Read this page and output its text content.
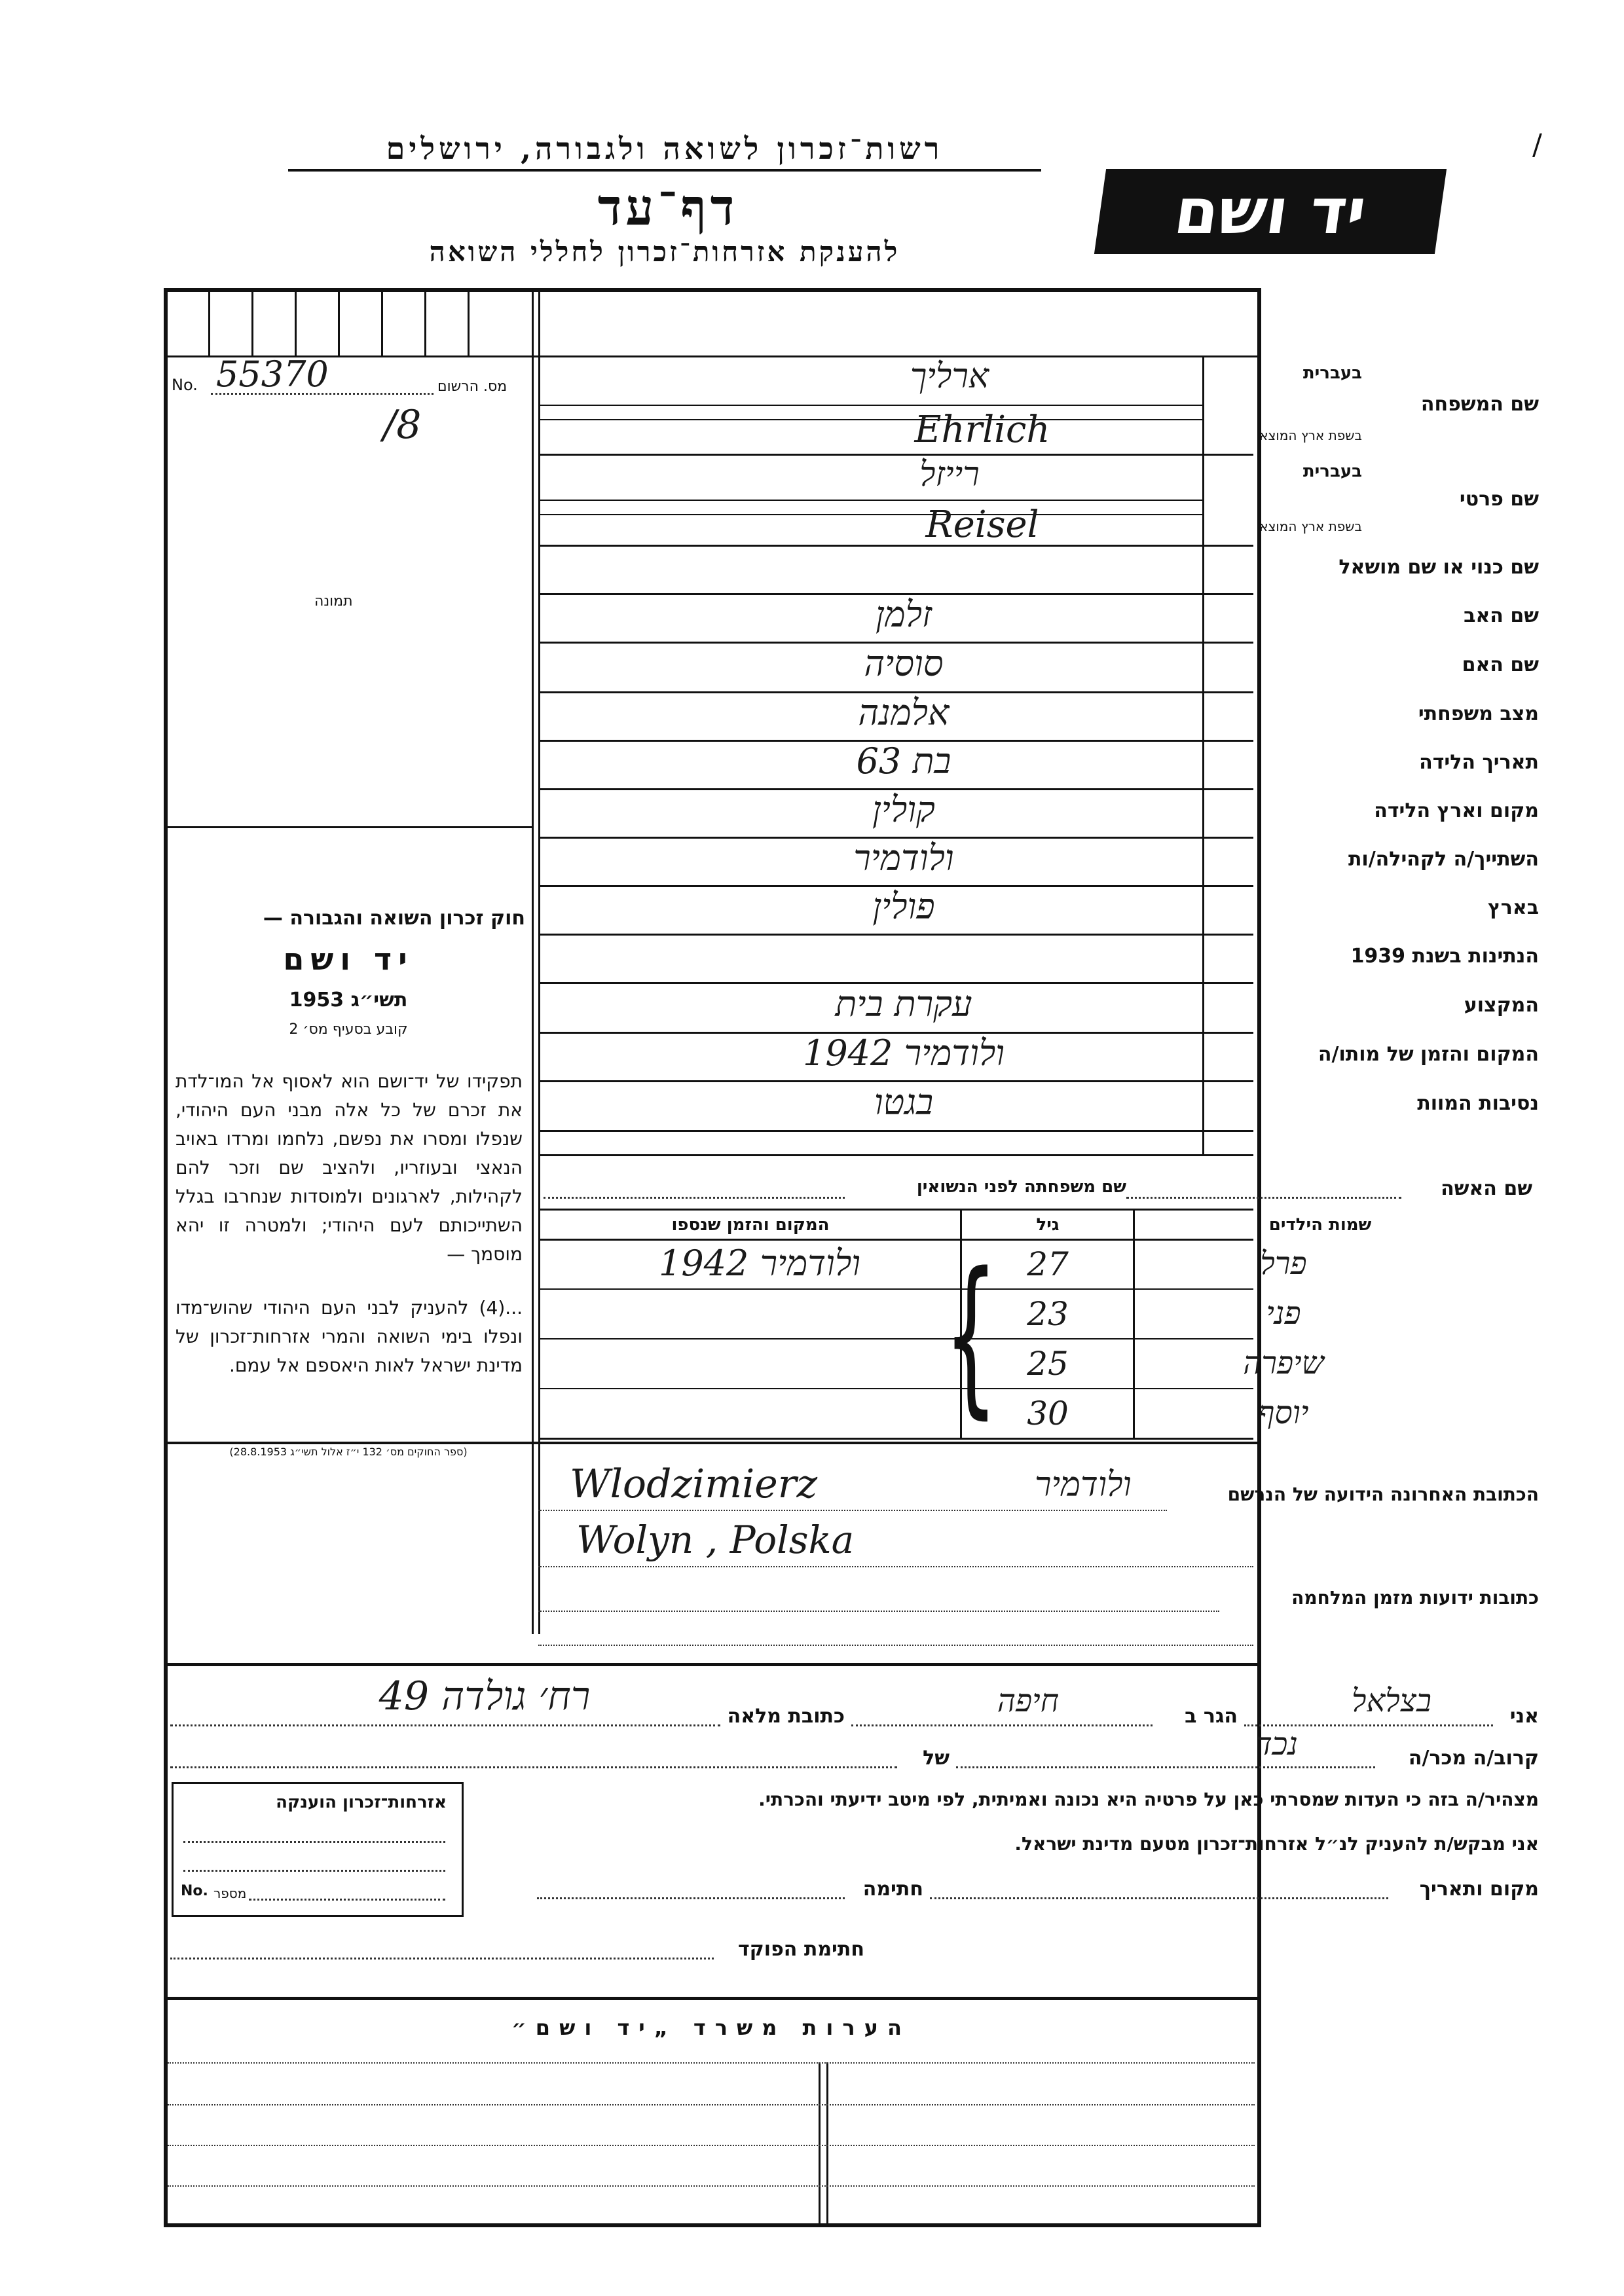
רשות־זכרון לשואה ולגבורה, ירושלים
דף־עד
להענקת אזרחות־זכרון לחללי השואה
יד ושם
/
No. 55370	מס. הרשום
/8
תמונה
חוק זכרון השואה והגבורה —
יד ושם
תשי״ג 1953
קובע בסעיף מס׳ 2
תפקידו של יד־ושם הוא לאסוף אל המו־לדת את זכרם של כל אלה מבני העם היהודי, שנפלו ומסרו את נפשם, נלחמו ומרדו באויב הנאצי ובעוזריו, ולהציב שם וזכר להם לקהילות, לארגונים ולמוסדות שנחרבו בגלל השתייכותם לעם היהודי; ולמטרה זו יהא מוסמך —
...(4) להעניק לבני העם היהודי שהוש־מדו ונפלו בימי השואה והמרי אזרחות־זכרון של מדינת ישראל לאות היאספם אל עמם.
(ספר החוקים מס׳ 132 י״ז אלול תשי״ג 28.8.1953)
שם המשפחה
בעברית
בשפת ארץ המוצא
ארליך
Ehrlich
שם פרטי
בעברית
בשפת ארץ המוצא
רייזל
Reisel
שם כנוי או שם מושאל
שם האב
זלמן
שם האם
סוסיה
מצב משפחתי
אלמנה
תאריך הלידה
בת 63
מקום וארץ הלידה
קולין
השתייך/ה לקהילה/ות
ולודמיר
בארץ
פולין
הנתינות בשנת 1939
המקצוע
עקרת בית
המקום והזמן של מותו/ה
ולודמיר 1942
נסיבות המוות
בגטו
שם האשה
שם משפחתה לפני הנשואין
שמות הילדים
גיל
המקום והזמן שנספו
פרל
27
ולודמיר 1942
פני
23
שיפרה
25
יוסף
30
{
הכתובת האחרונה הידועה של הנרשם
ולודמיר
Wlodzimierz
Wolyn , Polska
כתובות ידועות מזמן המלחמה
אני
בצלאל
הגר ב
חיפה
כתובת מלאה
רח׳ גולדה 49
קרוב/ה מכר/ה
נכד
של
מצהיר/ה בזה כי העדות שמסרתי כאן על פרטיה היא נכונה ואמיתית, לפי מיטב ידיעתי והכרתי.
אני מבקש/ת להעניק לנ״ל אזרחות־זכרון מטעם מדינת ישראל.
מקום ותאריך
חתימה
חתימת הפוקד
אזרחות־זכרון הוענקה
No. מספר
הערות משרד „יד ושם״
